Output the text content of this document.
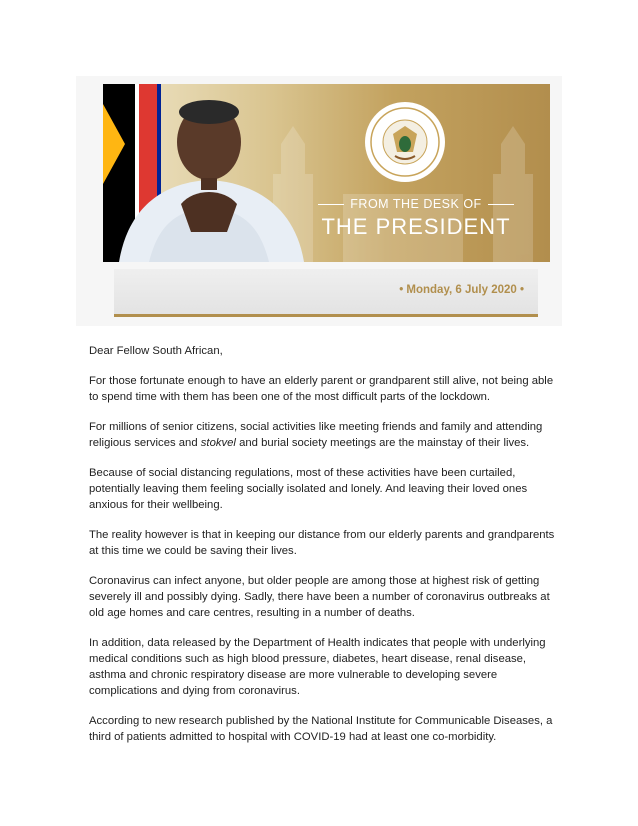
FROM THE DESK OF
THE PRESIDENT
• Monday, 6 July 2020 •

Dear Fellow South African,

For those fortunate enough to have an elderly parent or grandparent still alive, not being able to spend time with them has been one of the most difficult parts of the lockdown.

For millions of senior citizens, social activities like meeting friends and family and attending religious services and stokvel and burial society meetings are the mainstay of their lives.

Because of social distancing regulations, most of these activities have been curtailed, potentially leaving them feeling socially isolated and lonely. And leaving their loved ones anxious for their wellbeing.

The reality however is that in keeping our distance from our elderly parents and grandparents at this time we could be saving their lives.

Coronavirus can infect anyone, but older people are among those at highest risk of getting severely ill and possibly dying. Sadly, there have been a number of coronavirus outbreaks at old age homes and care centres, resulting in a number of deaths.

In addition, data released by the Department of Health indicates that people with underlying medical conditions such as high blood pressure, diabetes, heart disease, renal disease, asthma and chronic respiratory disease are more vulnerable to developing severe complications and dying from coronavirus.

According to new research published by the National Institute for Communicable Diseases, a third of patients admitted to hospital with COVID-19 had at least one co-morbidity.
